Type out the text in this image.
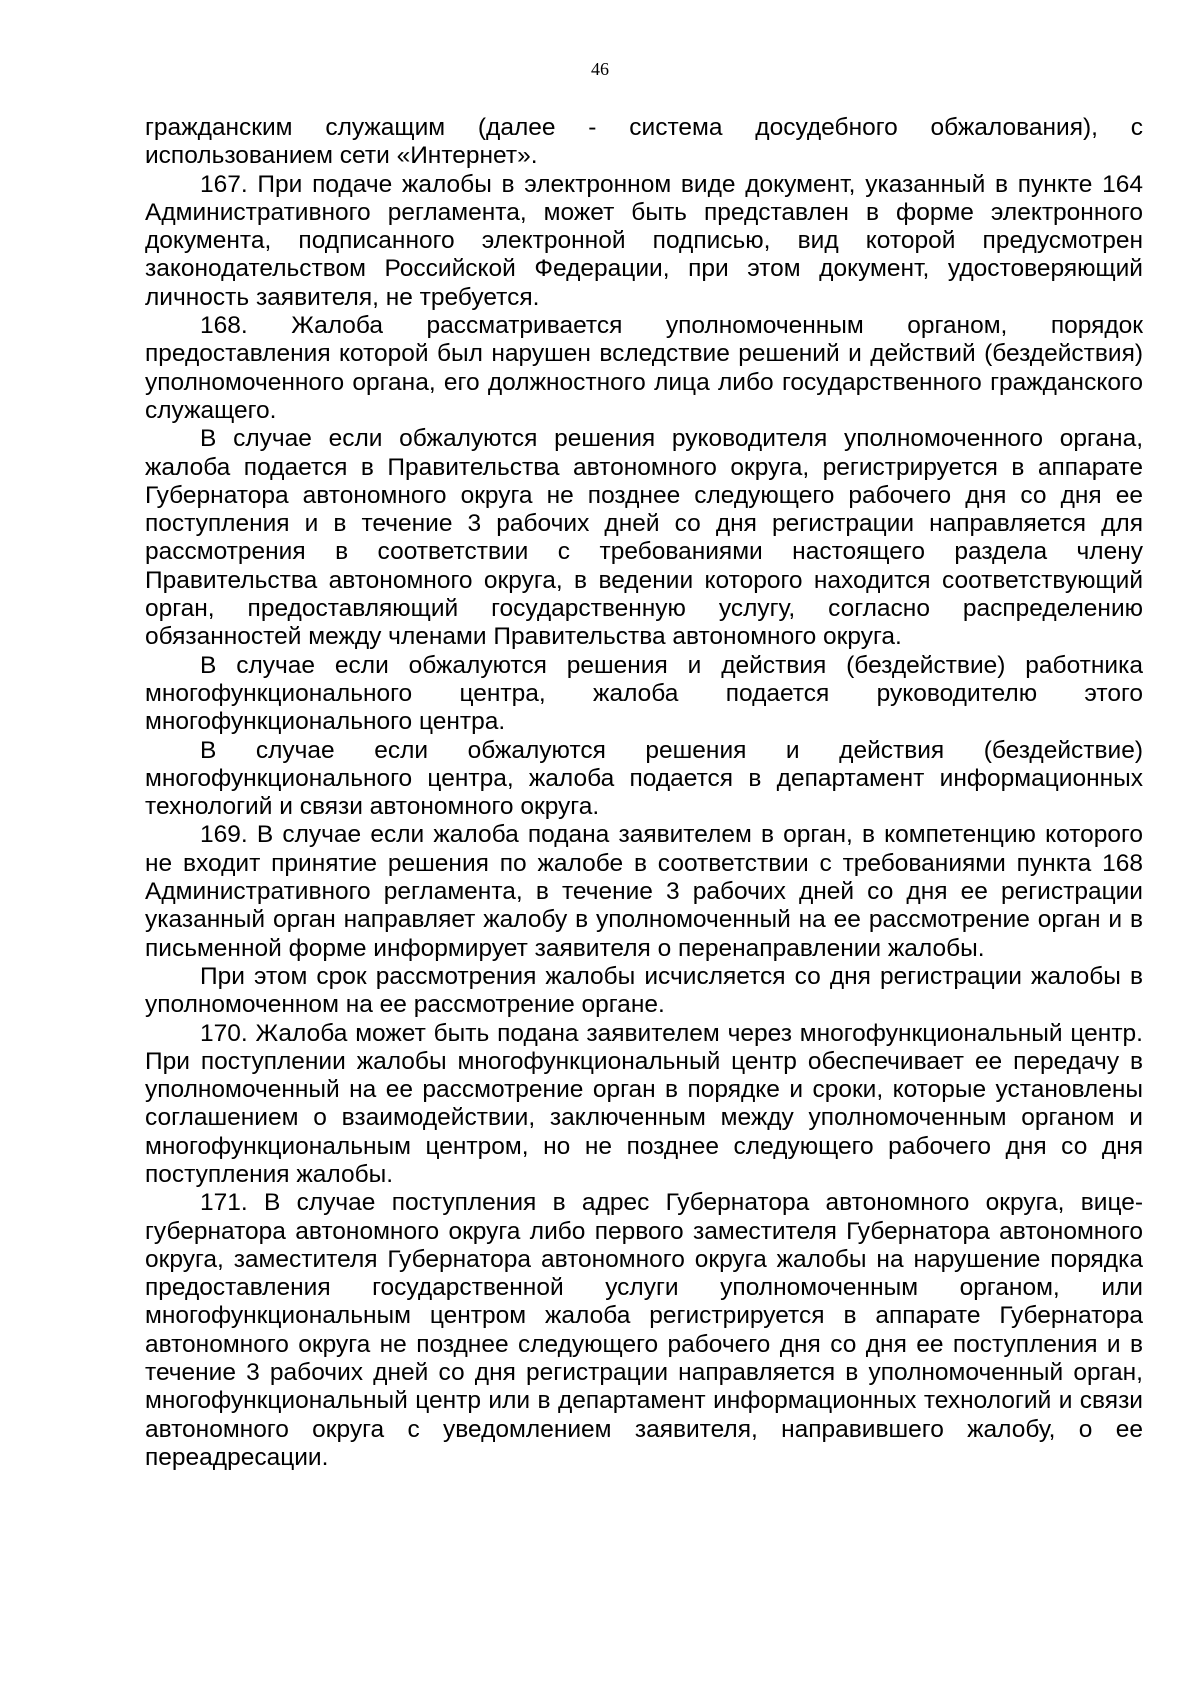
46

гражданским служащим (далее - система досудебного обжалования), с использованием сети «Интернет».

167. При подаче жалобы в электронном виде документ, указанный в пункте 164 Административного регламента, может быть представлен в форме электронного документа, подписанного электронной подписью, вид которой предусмотрен законодательством Российской Федерации, при этом документ, удостоверяющий личность заявителя, не требуется.

168. Жалоба рассматривается уполномоченным органом, порядок предоставления которой был нарушен вследствие решений и действий (бездействия) уполномоченного органа, его должностного лица либо государственного гражданского служащего.

В случае если обжалуются решения руководителя уполномоченного органа, жалоба подается в Правительства автономного округа, регистрируется в аппарате Губернатора автономного округа не позднее следующего рабочего дня со дня ее поступления и в течение 3 рабочих дней со дня регистрации направляется для рассмотрения в соответствии с требованиями настоящего раздела члену Правительства автономного округа, в ведении которого находится соответствующий орган, предоставляющий государственную услугу, согласно распределению обязанностей между членами Правительства автономного округа.

В случае если обжалуются решения и действия (бездействие) работника многофункционального центра, жалоба подается руководителю этого многофункционального центра.

В случае если обжалуются решения и действия (бездействие) многофункционального центра, жалоба подается в департамент информационных технологий и связи автономного округа.

169. В случае если жалоба подана заявителем в орган, в компетенцию которого не входит принятие решения по жалобе в соответствии с требованиями пункта 168 Административного регламента, в течение 3 рабочих дней со дня ее регистрации указанный орган направляет жалобу в уполномоченный на ее рассмотрение орган и в письменной форме информирует заявителя о перенаправлении жалобы.

При этом срок рассмотрения жалобы исчисляется со дня регистрации жалобы в уполномоченном на ее рассмотрение органе.

170. Жалоба может быть подана заявителем через многофункциональный центр. При поступлении жалобы многофункциональный центр обеспечивает ее передачу в уполномоченный на ее рассмотрение орган в порядке и сроки, которые установлены соглашением о взаимодействии, заключенным между уполномоченным органом и многофункциональным центром, но не позднее следующего рабочего дня со дня поступления жалобы.

171. В случае поступления в адрес Губернатора автономного округа, вице-губернатора автономного округа либо первого заместителя Губернатора автономного округа, заместителя Губернатора автономного округа жалобы на нарушение порядка предоставления государственной услуги уполномоченным органом, или многофункциональным центром жалоба регистрируется в аппарате Губернатора автономного округа не позднее следующего рабочего дня со дня ее поступления и в течение 3 рабочих дней со дня регистрации направляется в уполномоченный орган, многофункциональный центр или в департамент информационных технологий и связи автономного округа с уведомлением заявителя, направившего жалобу, о ее переадресации.
